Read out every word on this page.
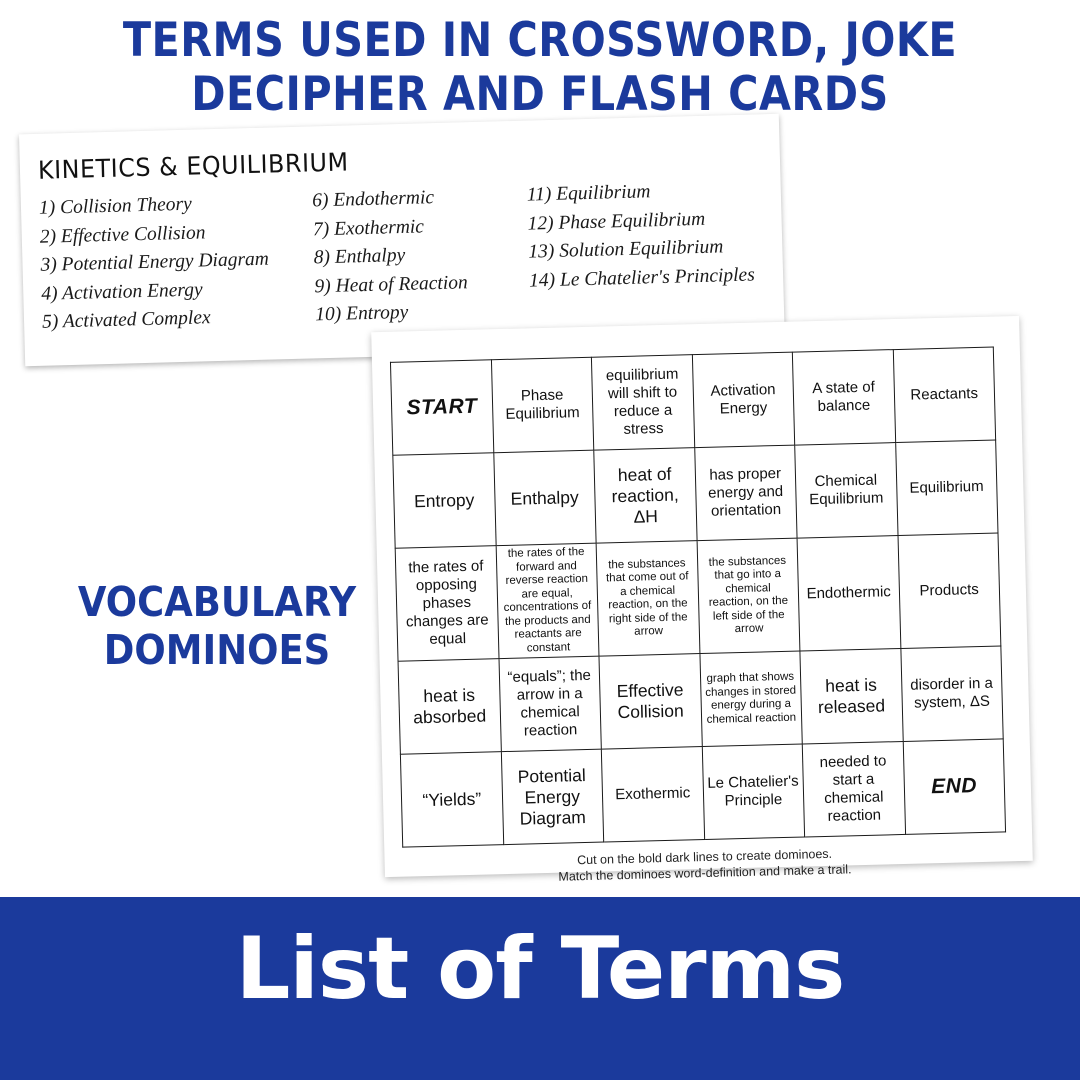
TERMS USED IN CROSSWORD, JOKE DECIPHER AND FLASH CARDS
KINETICS & EQUILIBRIUM
1) Collision Theory
2) Effective Collision
3) Potential Energy Diagram
4) Activation Energy
5) Activated Complex
6) Endothermic
7) Exothermic
8) Enthalpy
9) Heat of Reaction
10) Entropy
11) Equilibrium
12) Phase Equilibrium
13) Solution Equilibrium
14) Le Chatelier's Principles
VOCABULARY
DOMINOES
START	Phase Equilibrium	equilibrium will shift to reduce a stress	Activation Energy	A state of balance	Reactants
Entropy	Enthalpy	heat of reaction, ΔH	has proper energy and orientation	Chemical Equilibrium	Equilibrium
the rates of opposing phases changes are equal	the rates of the forward and reverse reaction are equal, concentrations of the products and reactants are constant	the substances that come out of a chemical reaction, on the right side of the arrow	the substances that go into a chemical reaction, on the left side of the arrow	Endothermic	Products
heat is absorbed	“equals”; the arrow in a chemical reaction	Effective Collision	graph that shows changes in stored energy during a chemical reaction	heat is released	disorder in a system, ΔS
“Yields”	Potential Energy Diagram	Exothermic	Le Chatelier's Principle	needed to start a chemical reaction	END
Cut on the bold dark lines to create dominoes.
Match the dominoes word-definition and make a trail.
List of Terms
